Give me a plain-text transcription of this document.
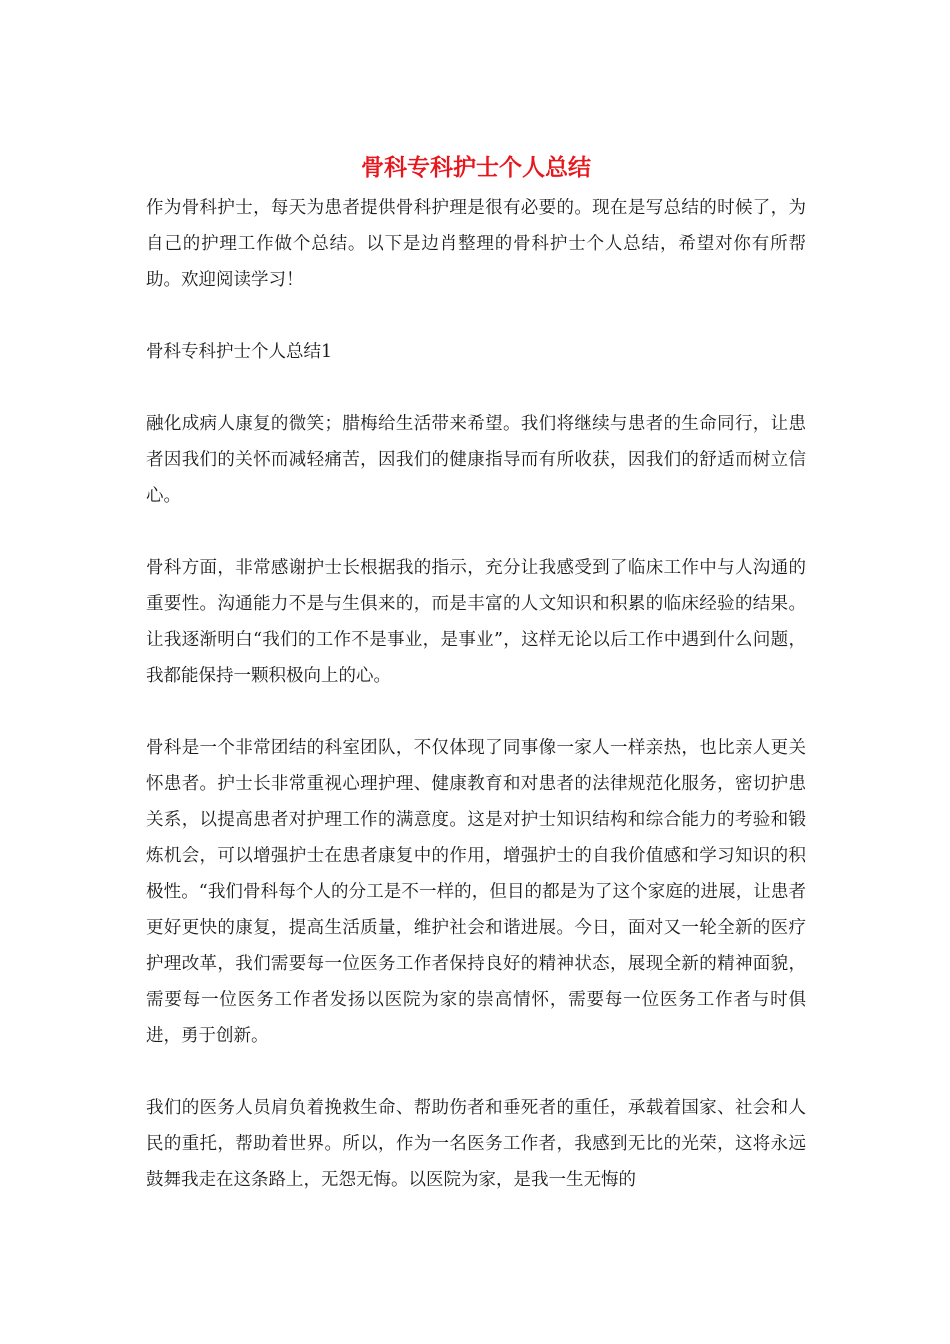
骨科专科护士个人总结

作为骨科护士，每天为患者提供骨科护理是很有必要的。现在是写总结的时候了，为自己的护理工作做个总结。以下是边肖整理的骨科护士个人总结，希望对你有所帮助。欢迎阅读学习！

骨科专科护士个人总结1

融化成病人康复的微笑；腊梅给生活带来希望。我们将继续与患者的生命同行，让患者因我们的关怀而减轻痛苦，因我们的健康指导而有所收获，因我们的舒适而树立信心。

骨科方面，非常感谢护士长根据我的指示，充分让我感受到了临床工作中与人沟通的重要性。沟通能力不是与生俱来的，而是丰富的人文知识和积累的临床经验的结果。让我逐渐明白“我们的工作不是事业，是事业”，这样无论以后工作中遇到什么问题，我都能保持一颗积极向上的心。

骨科是一个非常团结的科室团队，不仅体现了同事像一家人一样亲热，也比亲人更关怀患者。护士长非常重视心理护理、健康教育和对患者的法律规范化服务，密切护患关系，以提高患者对护理工作的满意度。这是对护士知识结构和综合能力的考验和锻炼机会，可以增强护士在患者康复中的作用，增强护士的自我价值感和学习知识的积极性。“我们骨科每个人的分工是不一样的，但目的都是为了这个家庭的进展，让患者更好更快的康复，提高生活质量，维护社会和谐进展。今日，面对又一轮全新的医疗护理改革，我们需要每一位医务工作者保持良好的精神状态，展现全新的精神面貌，需要每一位医务工作者发扬以医院为家的崇高情怀，需要每一位医务工作者与时俱进，勇于创新。

我们的医务人员肩负着挽救生命、帮助伤者和垂死者的重任，承载着国家、社会和人民的重托，帮助着世界。所以，作为一名医务工作者，我感到无比的光荣，这将永远鼓舞我走在这条路上，无怨无悔。以医院为家，是我一生无悔的
